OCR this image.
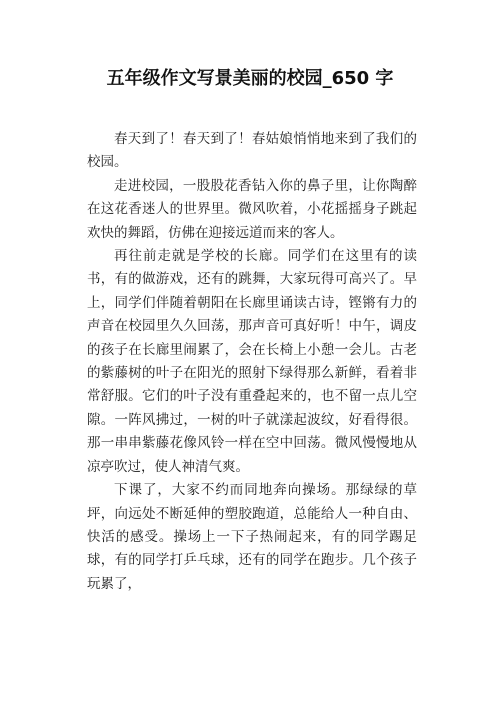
五年级作文写景美丽的校园_650 字

春天到了！春天到了！春姑娘悄悄地来到了我们的校园。

走进校园，一股股花香钻入你的鼻子里，让你陶醉在这花香迷人的世界里。微风吹着，小花摇摇身子跳起欢快的舞蹈，仿佛在迎接远道而来的客人。

再往前走就是学校的长廊。同学们在这里有的读书，有的做游戏，还有的跳舞，大家玩得可高兴了。早上，同学们伴随着朝阳在长廊里诵读古诗，铿锵有力的声音在校园里久久回荡，那声音可真好听！中午，调皮的孩子在长廊里闹累了，会在长椅上小憩一会儿。古老的紫藤树的叶子在阳光的照射下绿得那么新鲜，看着非常舒服。它们的叶子没有重叠起来的，也不留一点儿空隙。一阵风拂过，一树的叶子就漾起波纹，好看得很。那一串串紫藤花像风铃一样在空中回荡。微风慢慢地从凉亭吹过，使人神清气爽。

下课了，大家不约而同地奔向操场。那绿绿的草坪，向远处不断延伸的塑胶跑道，总能给人一种自由、快活的感受。操场上一下子热闹起来，有的同学踢足球，有的同学打乒乓球，还有的同学在跑步。几个孩子玩累了，
